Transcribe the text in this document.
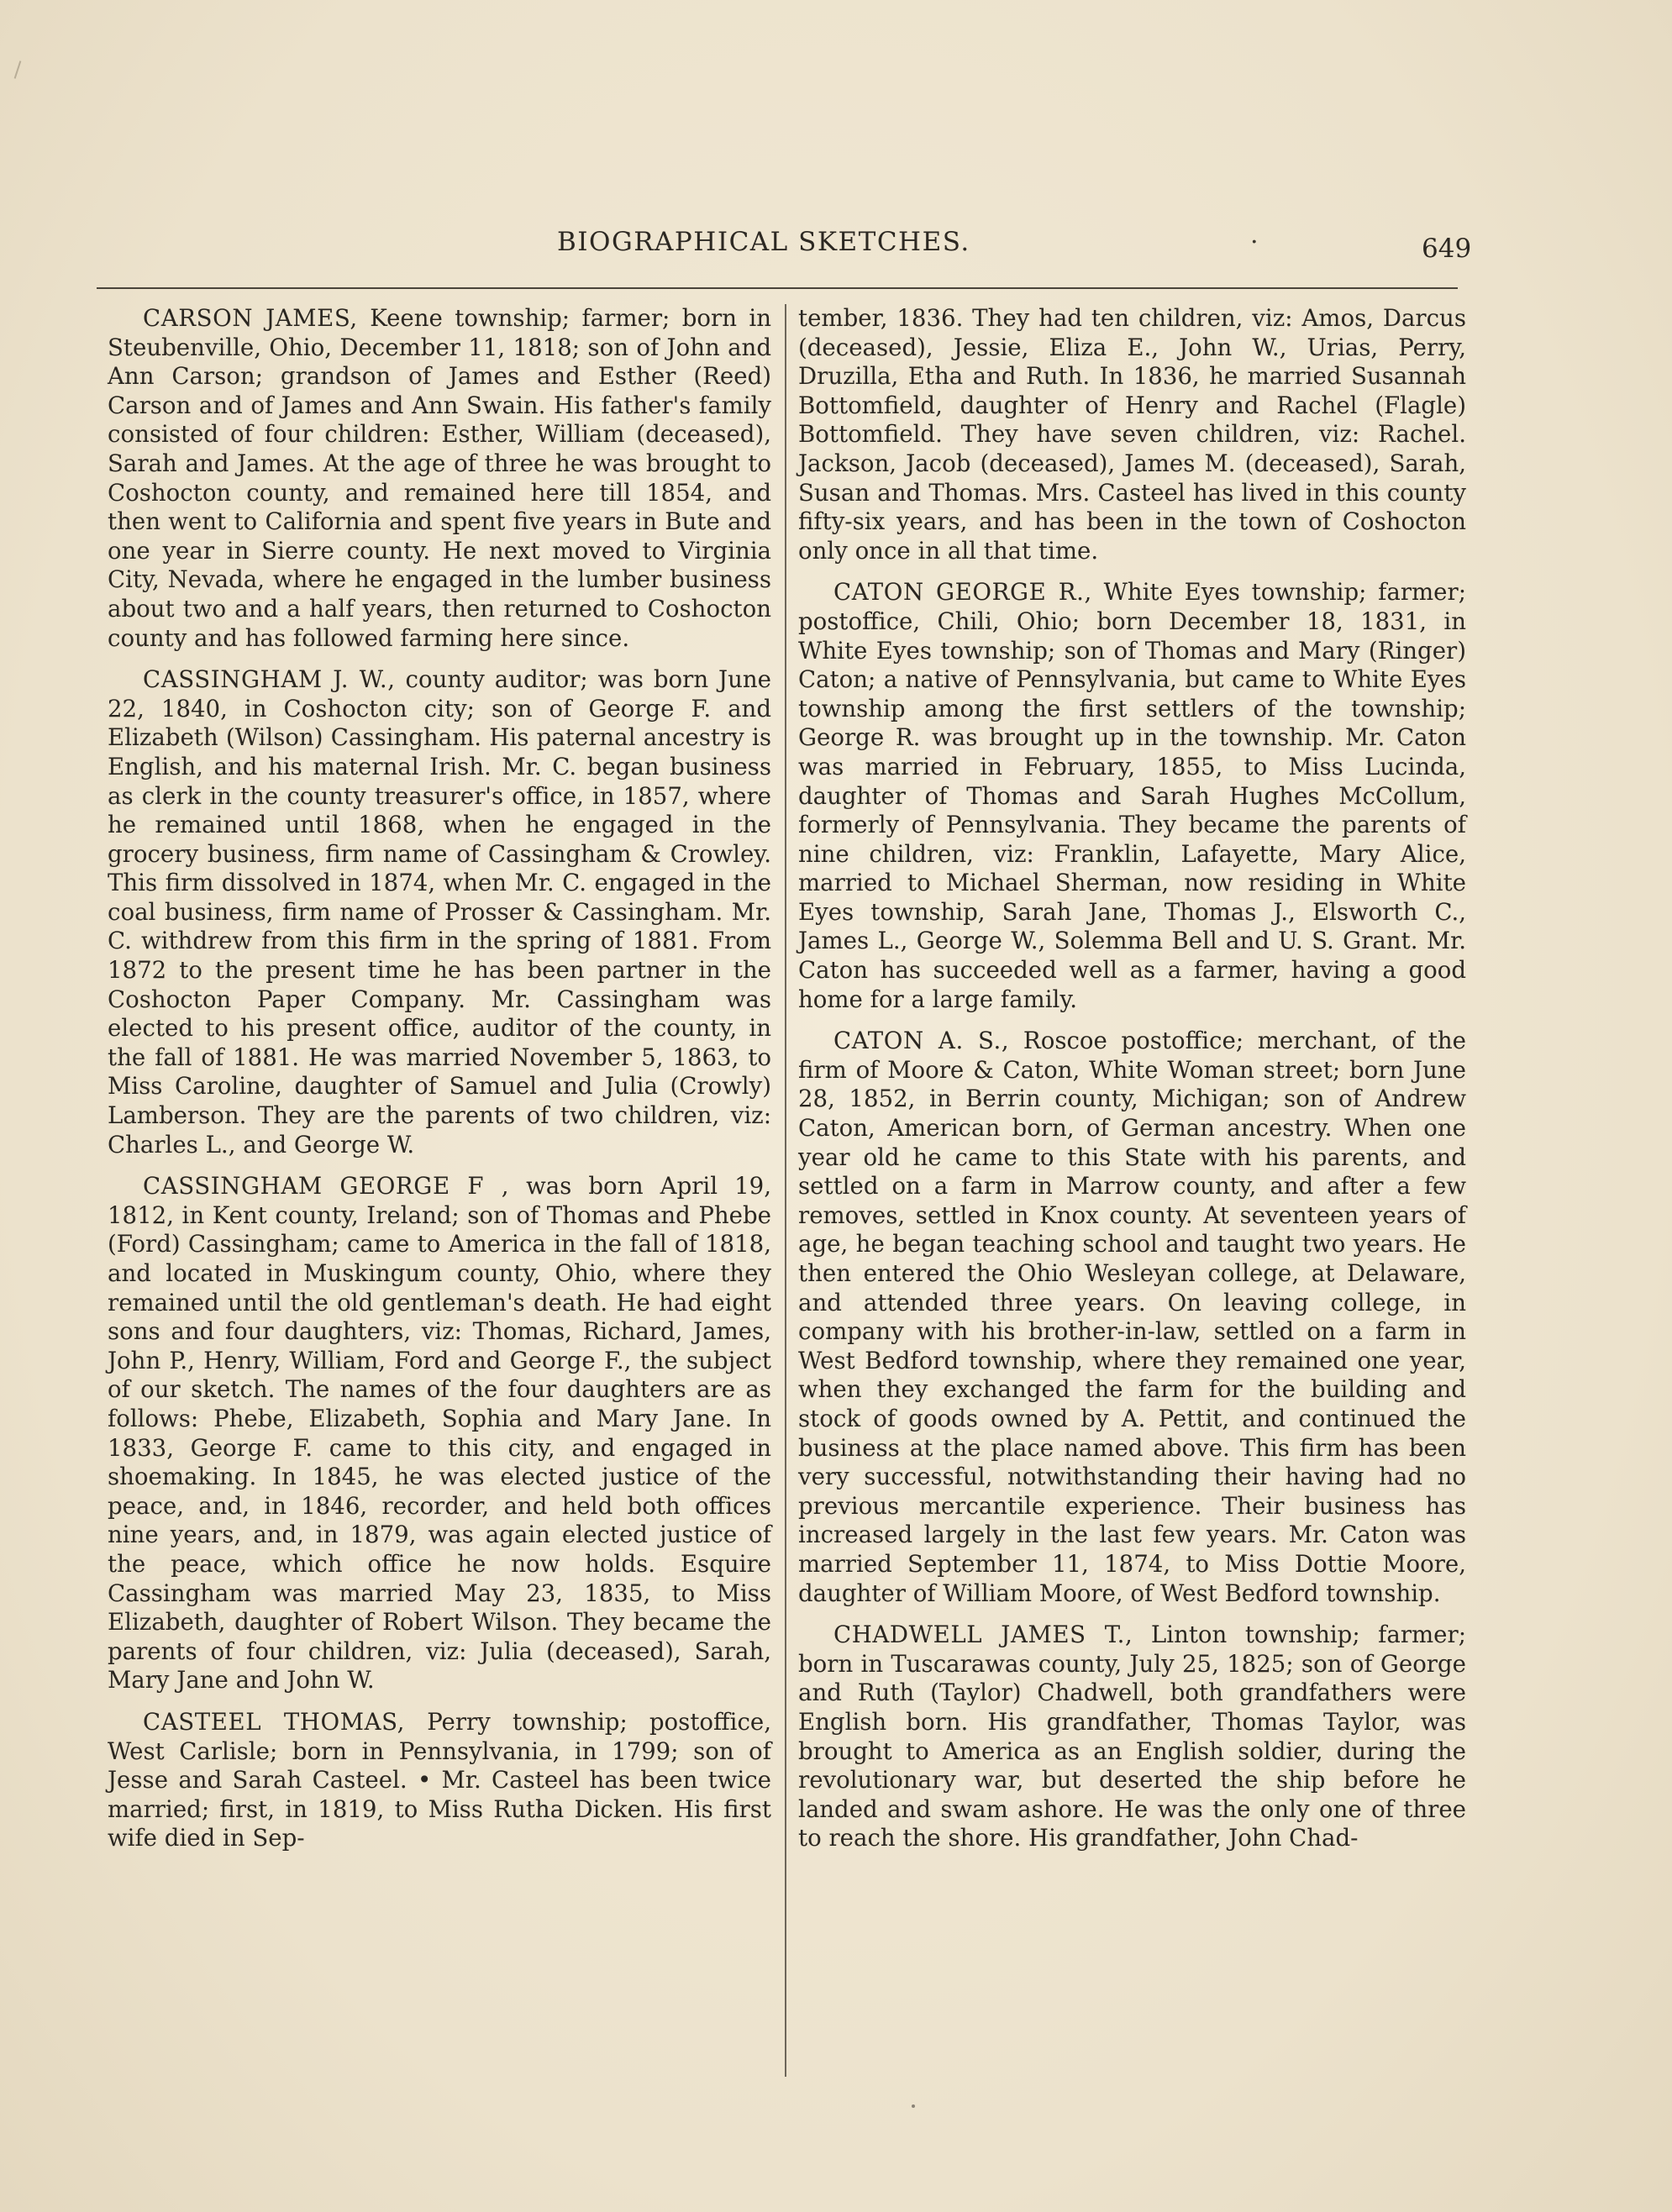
BIOGRAPHICAL SKETCHES.	.	649

CARSON JAMES, Keene township; farmer; born in Steubenville, Ohio, December 11, 1818; son of John and Ann Carson; grandson of James and Esther (Reed) Carson and of James and Ann Swain. His father's family consisted of four children: Esther, William (deceased), Sarah and James. At the age of three he was brought to Coshocton county, and remained here till 1854, and then went to California and spent five years in Bute and one year in Sierre county. He next moved to Virginia City, Nevada, where he engaged in the lumber business about two and a half years, then returned to Coshocton county and has followed farming here since.

CASSINGHAM J. W., county auditor; was born June 22, 1840, in Coshocton city; son of George F. and Elizabeth (Wilson) Cassingham. His paternal ancestry is English, and his maternal Irish. Mr. C. began business as clerk in the county treasurer's office, in 1857, where he remained until 1868, when he engaged in the grocery business, firm name of Cassingham & Crowley. This firm dissolved in 1874, when Mr. C. engaged in the coal business, firm name of Prosser & Cassingham. Mr. C. withdrew from this firm in the spring of 1881. From 1872 to the present time he has been partner in the Coshocton Paper Company. Mr. Cassingham was elected to his present office, auditor of the county, in the fall of 1881. He was married November 5, 1863, to Miss Caroline, daughter of Samuel and Julia (Crowly) Lamberson. They are the parents of two children, viz: Charles L., and George W.

CASSINGHAM GEORGE F , was born April 19, 1812, in Kent county, Ireland; son of Thomas and Phebe (Ford) Cassingham; came to America in the fall of 1818, and located in Muskingum county, Ohio, where they remained until the old gentleman's death. He had eight sons and four daughters, viz: Thomas, Richard, James, John P., Henry, William, Ford and George F., the subject of our sketch. The names of the four daughters are as follows: Phebe, Elizabeth, Sophia and Mary Jane. In 1833, George F. came to this city, and engaged in shoemaking. In 1845, he was elected justice of the peace, and, in 1846, recorder, and held both offices nine years, and, in 1879, was again elected justice of the peace, which office he now holds. Esquire Cassingham was married May 23, 1835, to Miss Elizabeth, daughter of Robert Wilson. They became the parents of four children, viz: Julia (deceased), Sarah, Mary Jane and John W.

CASTEEL THOMAS, Perry township; postoffice, West Carlisle; born in Pennsylvania, in 1799; son of Jesse and Sarah Casteel. • Mr. Casteel has been twice married; first, in 1819, to Miss Rutha Dicken. His first wife died in Sep-

tember, 1836. They had ten children, viz: Amos, Darcus (deceased), Jessie, Eliza E., John W., Urias, Perry, Druzilla, Etha and Ruth. In 1836, he married Susannah Bottomfield, daughter of Henry and Rachel (Flagle) Bottomfield. They have seven children, viz: Rachel. Jackson, Jacob (deceased), James M. (deceased), Sarah, Susan and Thomas. Mrs. Casteel has lived in this county fifty-six years, and has been in the town of Coshocton only once in all that time.

CATON GEORGE R., White Eyes township; farmer; postoffice, Chili, Ohio; born December 18, 1831, in White Eyes township; son of Thomas and Mary (Ringer) Caton; a native of Pennsylvania, but came to White Eyes township among the first settlers of the township; George R. was brought up in the township. Mr. Caton was married in February, 1855, to Miss Lucinda, daughter of Thomas and Sarah Hughes McCollum, formerly of Pennsylvania. They became the parents of nine children, viz: Franklin, Lafayette, Mary Alice, married to Michael Sherman, now residing in White Eyes township, Sarah Jane, Thomas J., Elsworth C., James L., George W., Solemma Bell and U. S. Grant. Mr. Caton has succeeded well as a farmer, having a good home for a large family.

CATON A. S., Roscoe postoffice; merchant, of the firm of Moore & Caton, White Woman street; born June 28, 1852, in Berrin county, Michigan; son of Andrew Caton, American born, of German ancestry. When one year old he came to this State with his parents, and settled on a farm in Marrow county, and after a few removes, settled in Knox county. At seventeen years of age, he began teaching school and taught two years. He then entered the Ohio Wesleyan college, at Delaware, and attended three years. On leaving college, in company with his brother-in-law, settled on a farm in West Bedford township, where they remained one year, when they exchanged the farm for the building and stock of goods owned by A. Pettit, and continued the business at the place named above. This firm has been very successful, notwithstanding their having had no previous mercantile experience. Their business has increased largely in the last few years. Mr. Caton was married September 11, 1874, to Miss Dottie Moore, daughter of William Moore, of West Bedford township.

CHADWELL JAMES T., Linton township; farmer; born in Tuscarawas county, July 25, 1825; son of George and Ruth (Taylor) Chadwell, both grandfathers were English born. His grandfather, Thomas Taylor, was brought to America as an English soldier, during the revolutionary war, but deserted the ship before he landed and swam ashore. He was the only one of three to reach the shore. His grandfather, John Chad-
